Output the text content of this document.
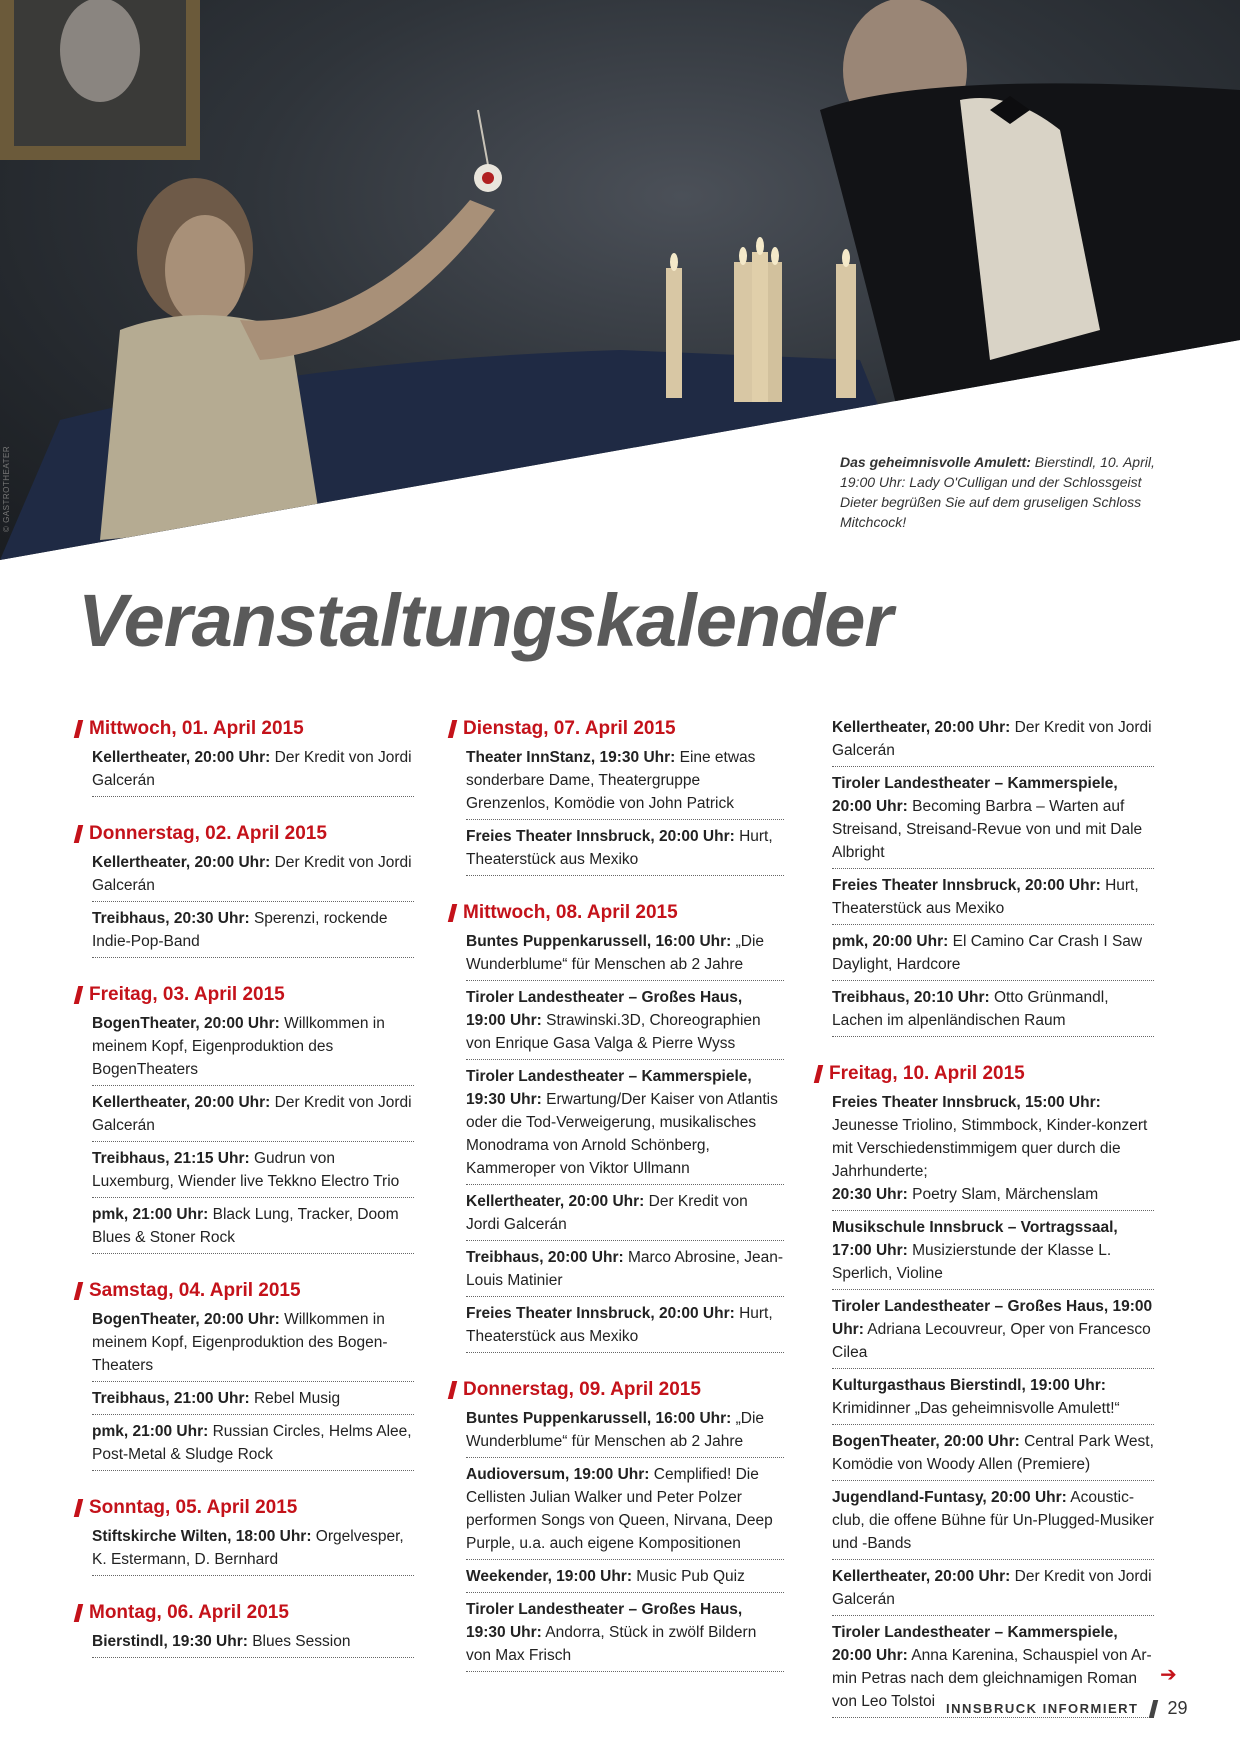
© GASTROTHEATER	Das geheimnisvolle Amulett: Bierstindl, 10. April, 19:00 Uhr: Lady O'Culligan und der Schlossgeist Dieter begrüßen Sie auf dem gruseligen Schloss Mitchcock!
Veranstaltungskalender
Mittwoch, 01. April 2015
Kellertheater, 20:00 Uhr: Der Kredit von Jordi Galcerán
Donnerstag, 02. April 2015
Kellertheater, 20:00 Uhr: Der Kredit von Jordi Galcerán
Treibhaus, 20:30 Uhr: Sperenzi, rockende Indie-Pop-Band
Freitag, 03. April 2015
BogenTheater, 20:00 Uhr: Willkommen in meinem Kopf, Eigenproduktion des BogenTheaters
Kellertheater, 20:00 Uhr: Der Kredit von Jordi Galcerán
Treibhaus, 21:15 Uhr: Gudrun von Luxemburg, Wiender live Tekkno Electro Trio
pmk, 21:00 Uhr: Black Lung, Tracker, Doom Blues & Stoner Rock
Samstag, 04. April 2015
BogenTheater, 20:00 Uhr: Willkommen in meinem Kopf, Eigenproduktion des Bogen-Theaters
Treibhaus, 21:00 Uhr: Rebel Musig
pmk, 21:00 Uhr: Russian Circles, Helms Alee, Post-Metal & Sludge Rock
Sonntag, 05. April 2015
Stiftskirche Wilten, 18:00 Uhr: Orgelvesper, K. Estermann, D. Bernhard
Montag, 06. April 2015
Bierstindl, 19:30 Uhr: Blues Session
Dienstag, 07. April 2015
Theater InnStanz, 19:30 Uhr: Eine etwas sonderbare Dame, Theatergruppe Grenzenlos, Komödie von John Patrick
Freies Theater Innsbruck, 20:00 Uhr: Hurt, Theaterstück aus Mexiko
Mittwoch, 08. April 2015
Buntes Puppenkarussell, 16:00 Uhr: „Die Wunderblume“ für Menschen ab 2 Jahre
Tiroler Landestheater – Großes Haus, 19:00 Uhr: Strawinski.3D, Choreographien von Enrique Gasa Valga & Pierre Wyss
Tiroler Landestheater – Kammerspiele, 19:30 Uhr: Erwartung/Der Kaiser von Atlantis oder die Tod-Verweigerung, musikalisches Monodrama von Arnold Schönberg, Kammeroper von Viktor Ullmann
Kellertheater, 20:00 Uhr: Der Kredit von Jordi Galcerán
Treibhaus, 20:00 Uhr: Marco Abrosine, Jean-Louis Matinier
Freies Theater Innsbruck, 20:00 Uhr: Hurt, Theaterstück aus Mexiko
Donnerstag, 09. April 2015
Buntes Puppenkarussell, 16:00 Uhr: „Die Wunderblume“ für Menschen ab 2 Jahre
Audioversum, 19:00 Uhr: Cemplified! Die Cellisten Julian Walker und Peter Polzer performen Songs von Queen, Nirvana, Deep Purple, u.a. auch eigene Kompositionen
Weekender, 19:00 Uhr: Music Pub Quiz
Tiroler Landestheater – Großes Haus, 19:30 Uhr: Andorra, Stück in zwölf Bildern von Max Frisch
Kellertheater, 20:00 Uhr: Der Kredit von Jordi Galcerán
Tiroler Landestheater – Kammerspiele, 20:00 Uhr: Becoming Barbra – Warten auf Streisand, Streisand-Revue von und mit Dale Albright
Freies Theater Innsbruck, 20:00 Uhr: Hurt, Theaterstück aus Mexiko
pmk, 20:00 Uhr: El Camino Car Crash I Saw Daylight, Hardcore
Treibhaus, 20:10 Uhr: Otto Grünmandl, Lachen im alpenländischen Raum
Freitag, 10. April 2015
Freies Theater Innsbruck, 15:00 Uhr: Jeunesse Triolino, Stimmbock, Kinder-konzert mit Verschiedenstimmigem quer durch die Jahrhunderte;
20:30 Uhr: Poetry Slam, Märchenslam
Musikschule Innsbruck – Vortragssaal, 17:00 Uhr: Musizierstunde der Klasse L. Sperlich, Violine
Tiroler Landestheater – Großes Haus, 19:00 Uhr: Adriana Lecouvreur, Oper von Francesco Cilea
Kulturgasthaus Bierstindl, 19:00 Uhr: Krimidinner „Das geheimnisvolle Amulett!“
BogenTheater, 20:00 Uhr: Central Park West, Komödie von Woody Allen (Premiere)
Jugendland-Funtasy, 20:00 Uhr: Acoustic-club, die offene Bühne für Un-Plugged-Musiker und -Bands
Kellertheater, 20:00 Uhr: Der Kredit von Jordi Galcerán
Tiroler Landestheater – Kammerspiele, 20:00 Uhr: Anna Karenina, Schauspiel von Ar-min Petras nach dem gleichnamigen Roman von Leo Tolstoi
➔
INNSBRUCK INFORMIERT 29
